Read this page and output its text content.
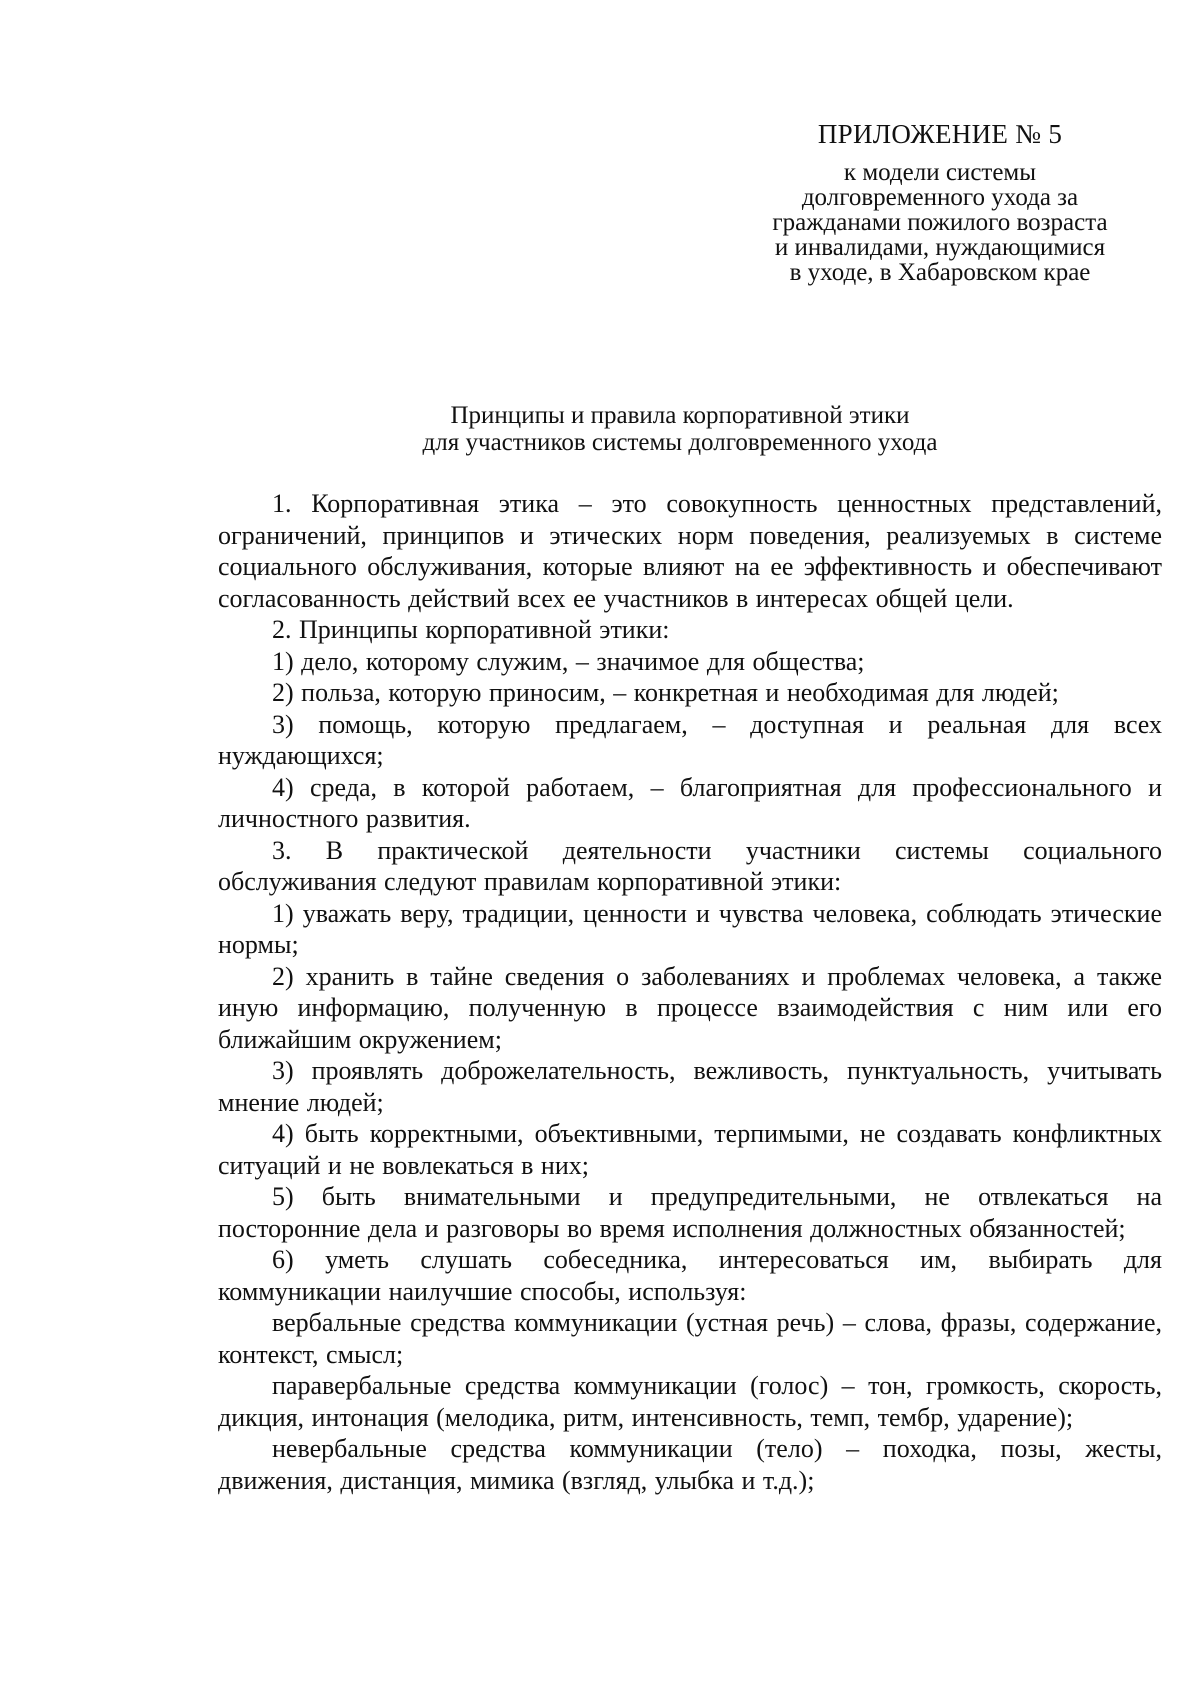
ПРИЛОЖЕНИЕ № 5

к модели системы

долговременного ухода за

гражданами пожилого возраста

и инвалидами, нуждающимися

в уходе, в Хабаровском крае

Принципы и правила корпоративной этики

для участников системы долговременного ухода

1. Корпоративная этика – это совокупность ценностных представлений, ограничений, принципов и этических норм поведения, реализуемых в системе социального обслуживания, которые влияют на ее эффективность и обеспечивают согласованность действий всех ее участников в интересах общей цели.

2. Принципы корпоративной этики:

1) дело, которому служим, – значимое для общества;

2) польза, которую приносим, – конкретная и необходимая для людей;

3) помощь, которую предлагаем, – доступная и реальная для всех нуждающихся;

4) среда, в которой работаем, – благоприятная для профессионального и личностного развития.

3. В практической деятельности участники системы социального обслуживания следуют правилам корпоративной этики:

1) уважать веру, традиции, ценности и чувства человека, соблюдать этические нормы;

2) хранить в тайне сведения о заболеваниях и проблемах человека, а также иную информацию, полученную в процессе взаимодействия с ним или его ближайшим окружением;

3) проявлять доброжелательность, вежливость, пунктуальность, учитывать мнение людей;

4) быть корректными, объективными, терпимыми, не создавать конфликтных ситуаций и не вовлекаться в них;

5) быть внимательными и предупредительными, не отвлекаться на посторонние дела и разговоры во время исполнения должностных обязанностей;

6) уметь слушать собеседника, интересоваться им, выбирать для коммуникации наилучшие способы, используя:

вербальные средства коммуникации (устная речь) – слова, фразы, содержание, контекст, смысл;

паравербальные средства коммуникации (голос) – тон, громкость, скорость, дикция, интонация (мелодика, ритм, интенсивность, темп, тембр, ударение);

невербальные средства коммуникации (тело) – походка, позы, жесты, движения, дистанция, мимика (взгляд, улыбка и т.д.);
